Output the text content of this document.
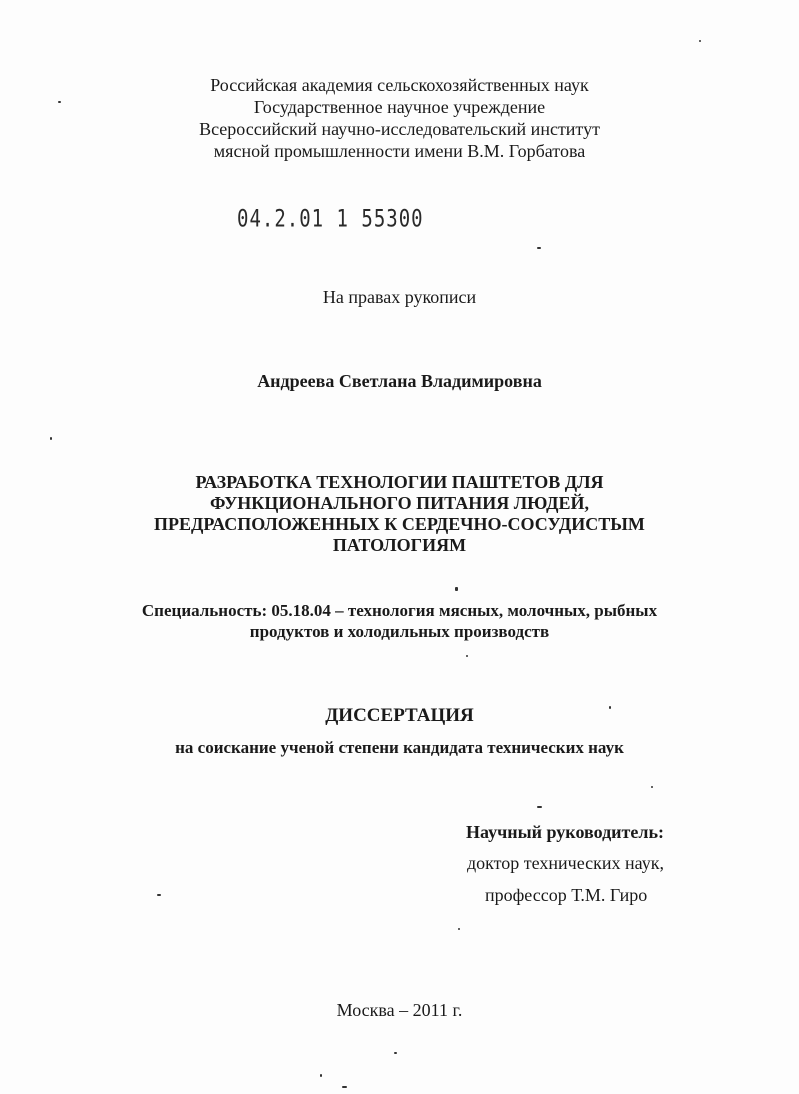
Российская академия сельскохозяйственных наук
Государственное научное учреждение
Всероссийский научно-исследовательский институт
мясной промышленности имени В.М. Горбатова
04.2.01 1 55300
На правах рукописи
Андреева Светлана Владимировна
РАЗРАБОТКА ТЕХНОЛОГИИ ПАШТЕТОВ ДЛЯ
ФУНКЦИОНАЛЬНОГО ПИТАНИЯ ЛЮДЕЙ,
ПРЕДРАСПОЛОЖЕННЫХ К СЕРДЕЧНО-СОСУДИСТЫМ
ПАТОЛОГИЯМ
Специальность: 05.18.04 – технология мясных, молочных, рыбных
продуктов и холодильных производств
ДИССЕРТАЦИЯ
на соискание ученой степени кандидата технических наук
Научный руководитель:
доктор технических наук,
профессор Т.М. Гиро
Москва – 2011 г.
